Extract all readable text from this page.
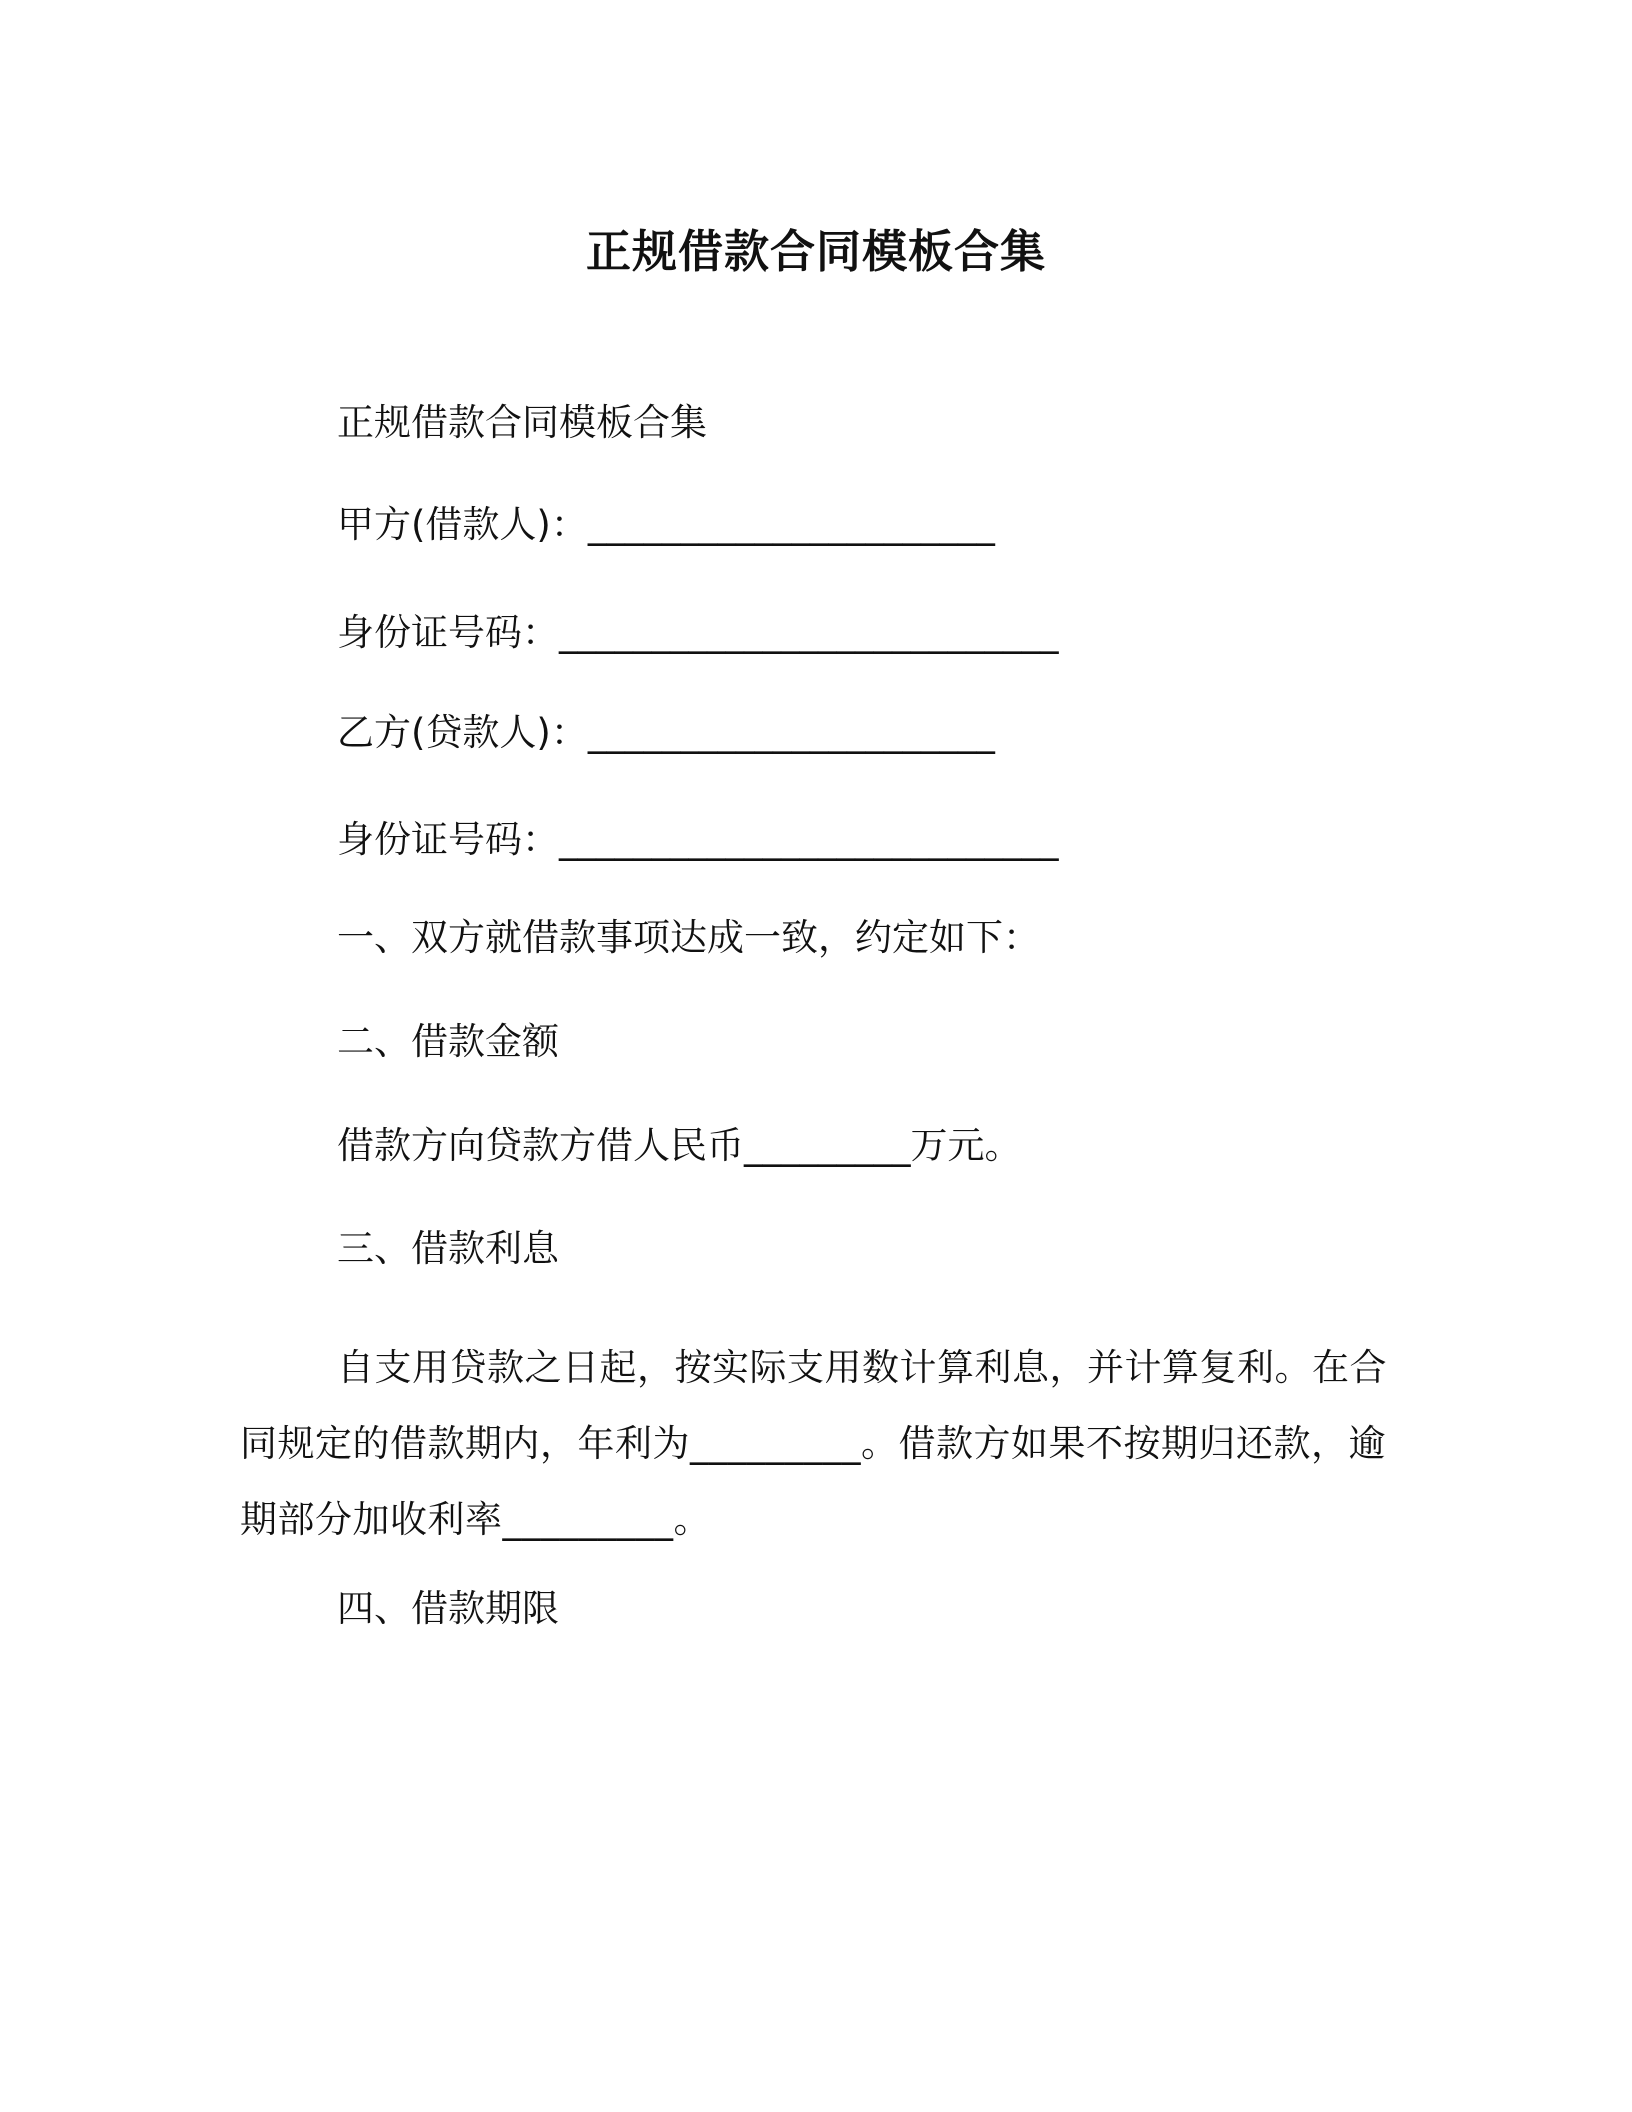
正规借款合同模板合集

正规借款合同模板合集

甲方(借款人)：______________________

身份证号码：___________________________

乙方(贷款人)：______________________

身份证号码：___________________________

一、双方就借款事项达成一致，约定如下：

二、借款金额

借款方向贷款方借人民币_________万元。

三、借款利息

自支用贷款之日起，按实际支用数计算利息，并计算复利。在合同规定的借款期内，年利为_________。借款方如果不按期归还款，逾期部分加收利率_________。

四、借款期限
